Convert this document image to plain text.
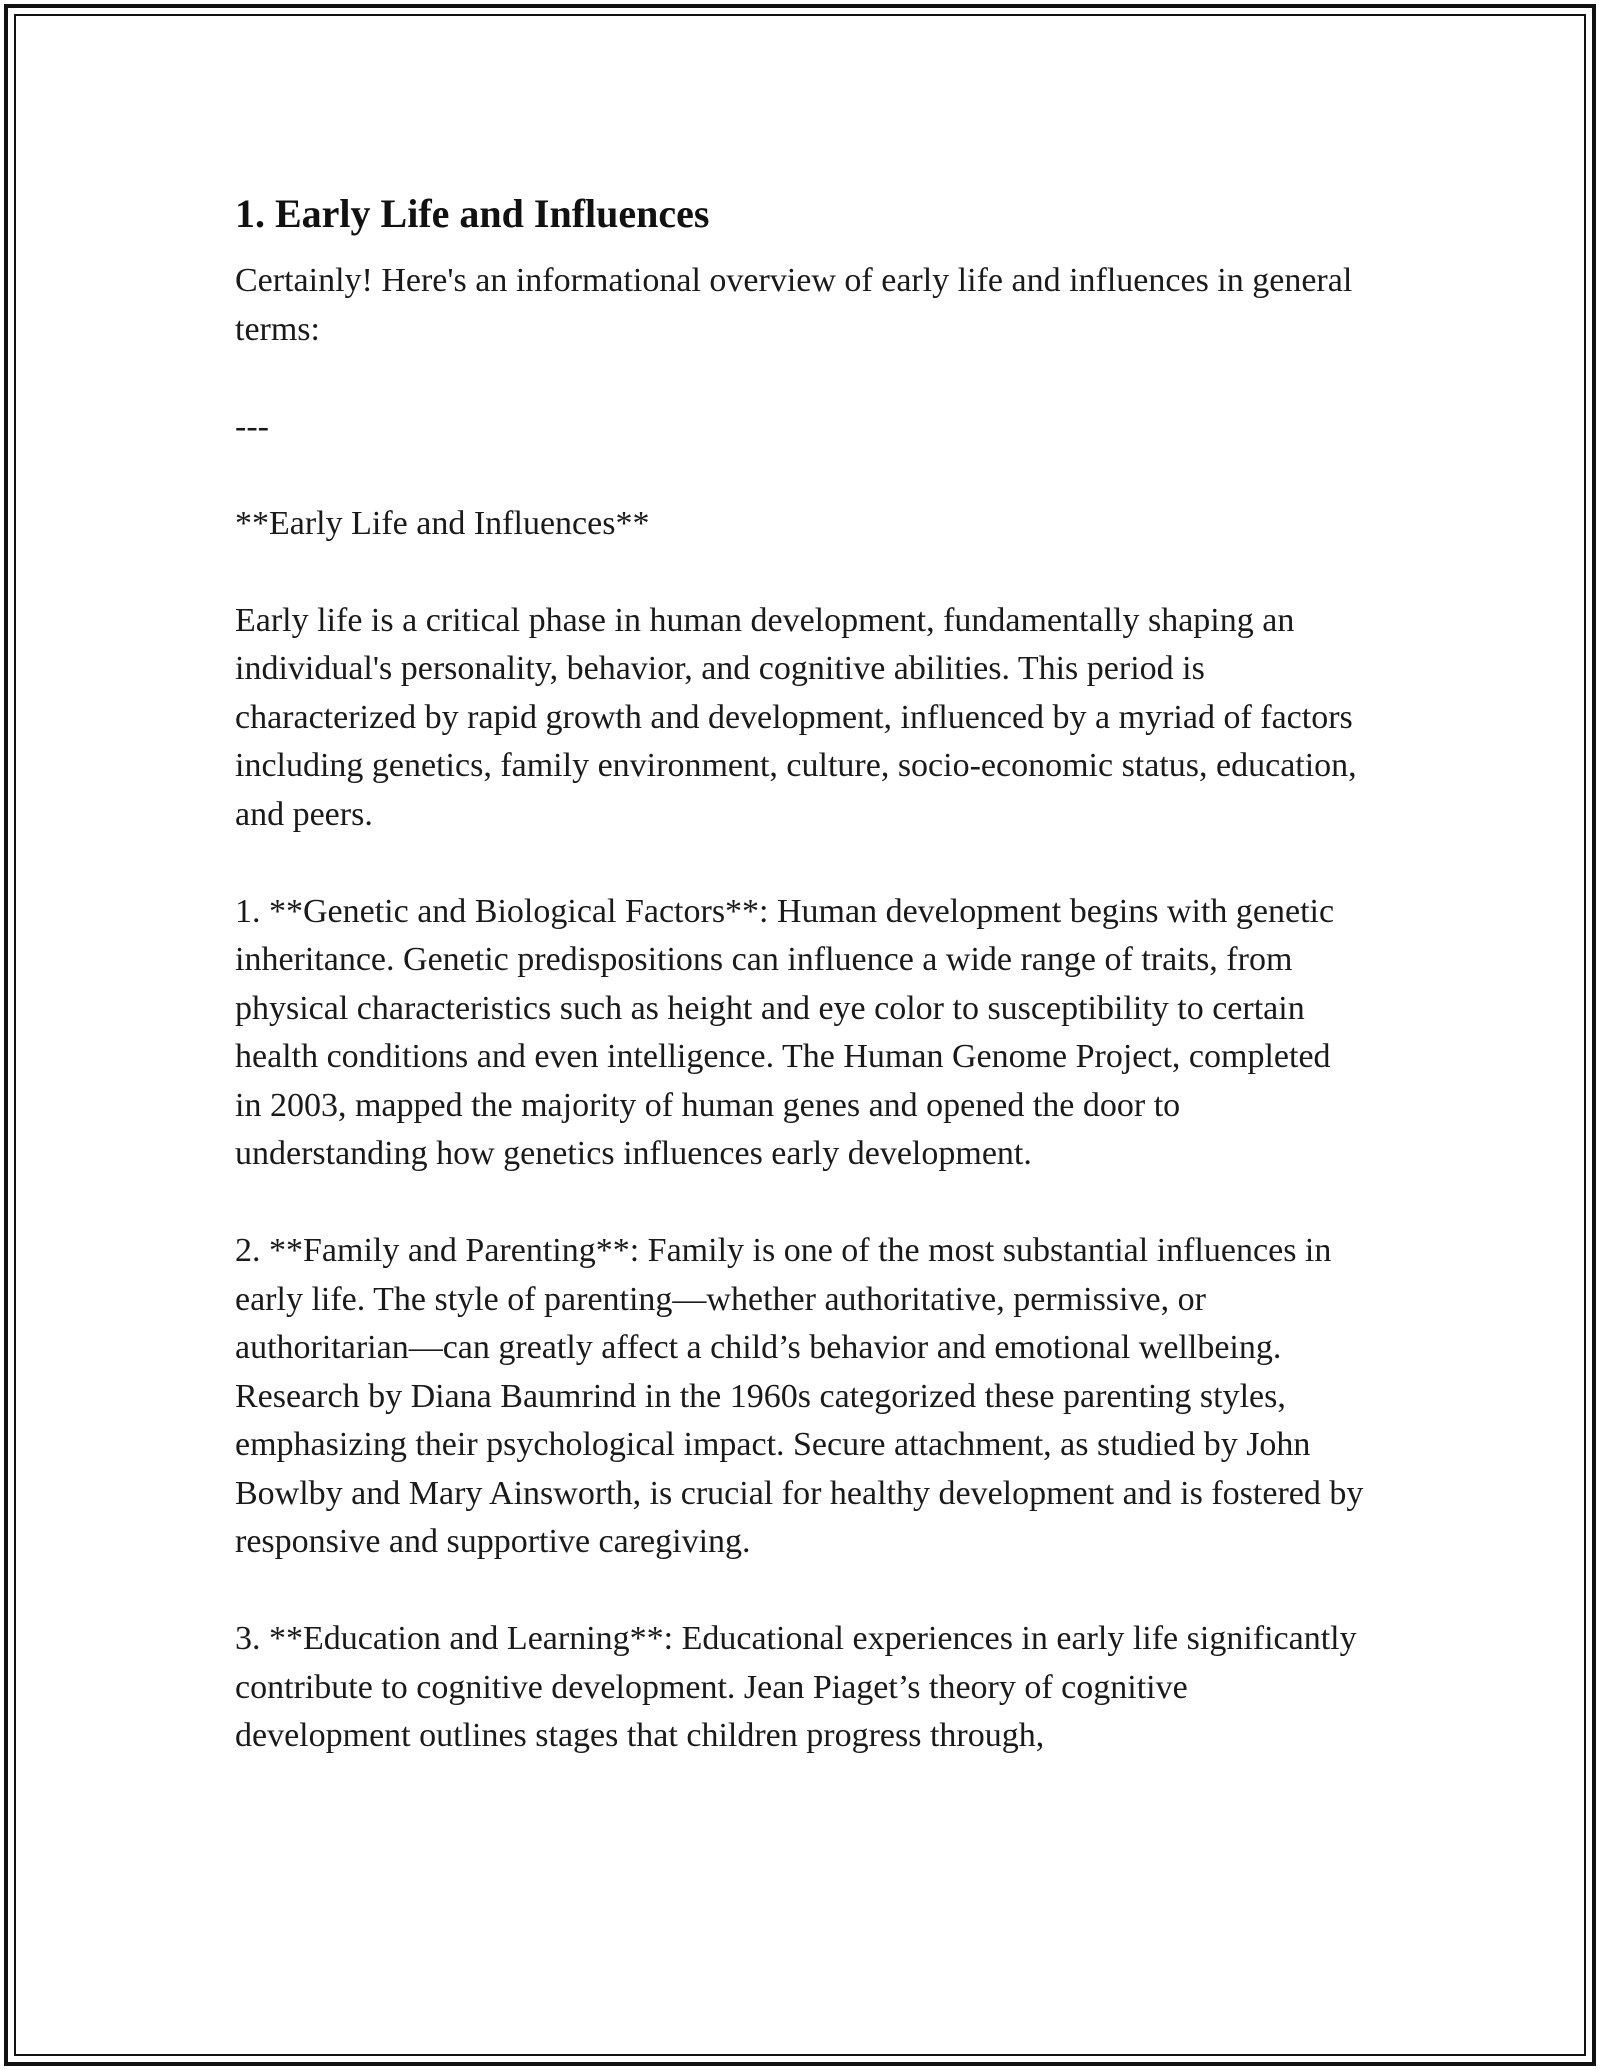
1. Early Life and Influences

Certainly! Here's an informational overview of early life and influences in general terms:

---

**Early Life and Influences**

Early life is a critical phase in human development, fundamentally shaping an individual's personality, behavior, and cognitive abilities. This period is characterized by rapid growth and development, influenced by a myriad of factors including genetics, family environment, culture, socio-economic status, education, and peers.

1. **Genetic and Biological Factors**: Human development begins with genetic inheritance. Genetic predispositions can influence a wide range of traits, from physical characteristics such as height and eye color to susceptibility to certain health conditions and even intelligence. The Human Genome Project, completed in 2003, mapped the majority of human genes and opened the door to understanding how genetics influences early development.

2. **Family and Parenting**: Family is one of the most substantial influences in early life. The style of parenting—whether authoritative, permissive, or authoritarian—can greatly affect a child’s behavior and emotional wellbeing. Research by Diana Baumrind in the 1960s categorized these parenting styles, emphasizing their psychological impact. Secure attachment, as studied by John Bowlby and Mary Ainsworth, is crucial for healthy development and is fostered by responsive and supportive caregiving.

3. **Education and Learning**: Educational experiences in early life significantly contribute to cognitive development. Jean Piaget’s theory of cognitive development outlines stages that children progress through,
